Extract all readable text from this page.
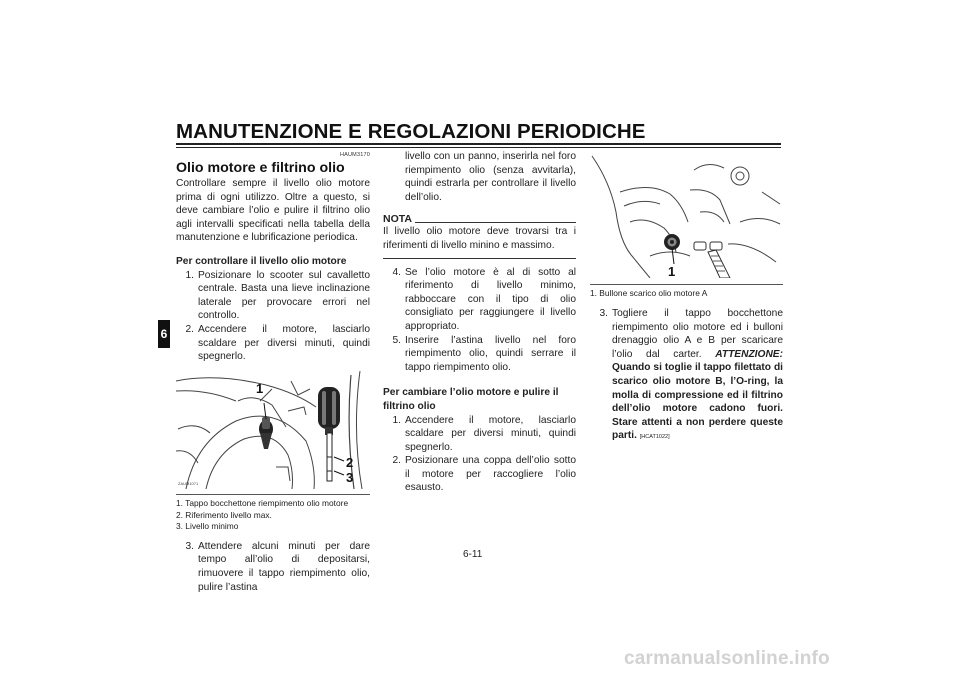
MANUTENZIONE E REGOLAZIONI PERIODICHE
6
HAUM3170
Olio motore e filtrino olio

Controllare sempre il livello olio motore prima di ogni utilizzo. Oltre a questo, si deve cambiare l’olio e pulire il filtrino olio agli intervalli specificati nella tabella della manutenzione e lubrificazione periodica.

Per controllare il livello olio motore
1. Posizionare lo scooter sul cavalletto centrale. Basta una lieve inclinazione laterale per provocare errori nel controllo.
2. Accendere il motore, lasciarlo scaldare per diversi minuti, quindi spegnerlo.
1
2
3
ZAUM1071
1. Tappo bocchettone riempimento olio motore
2. Riferimento livello max.
3. Livello minimo
3. Attendere alcuni minuti per dare tempo all’olio di depositarsi, rimuovere il tappo riempimento olio, pulire l’astina
livello con un panno, inserirla nel foro riempimento olio (senza avvitarla), quindi estrarla per controllare il livello dell’olio.
NOTA

Il livello olio motore deve trovarsi tra i riferimenti di livello minino e massimo.

4. Se l’olio motore è al di sotto al riferimento di livello minimo, rabboccare con il tipo di olio consigliato per raggiungere il livello appropriato.
5. Inserire l’astina livello nel foro riempimento olio, quindi serrare il tappo riempimento olio.
Per cambiare l’olio motore e pulire il filtrino olio
1. Accendere il motore, lasciarlo scaldare per diversi minuti, quindi spegnerlo.
2. Posizionare una coppa dell’olio sotto il motore per raccogliere l’olio esausto.
1
1. Bullone scarico olio motore A
3. Togliere il tappo bocchettone riempimento olio motore ed i bulloni drenaggio olio A e B per scaricare l’olio dal carter. ATTENZIONE: Quando si toglie il tappo filettato di scarico olio motore B, l’O-ring, la molla di compressione ed il filtrino dell’olio motore cadono fuori. Stare attenti a non perdere queste parti. [HCAT1022]
6-11
carmanualsonline.info
